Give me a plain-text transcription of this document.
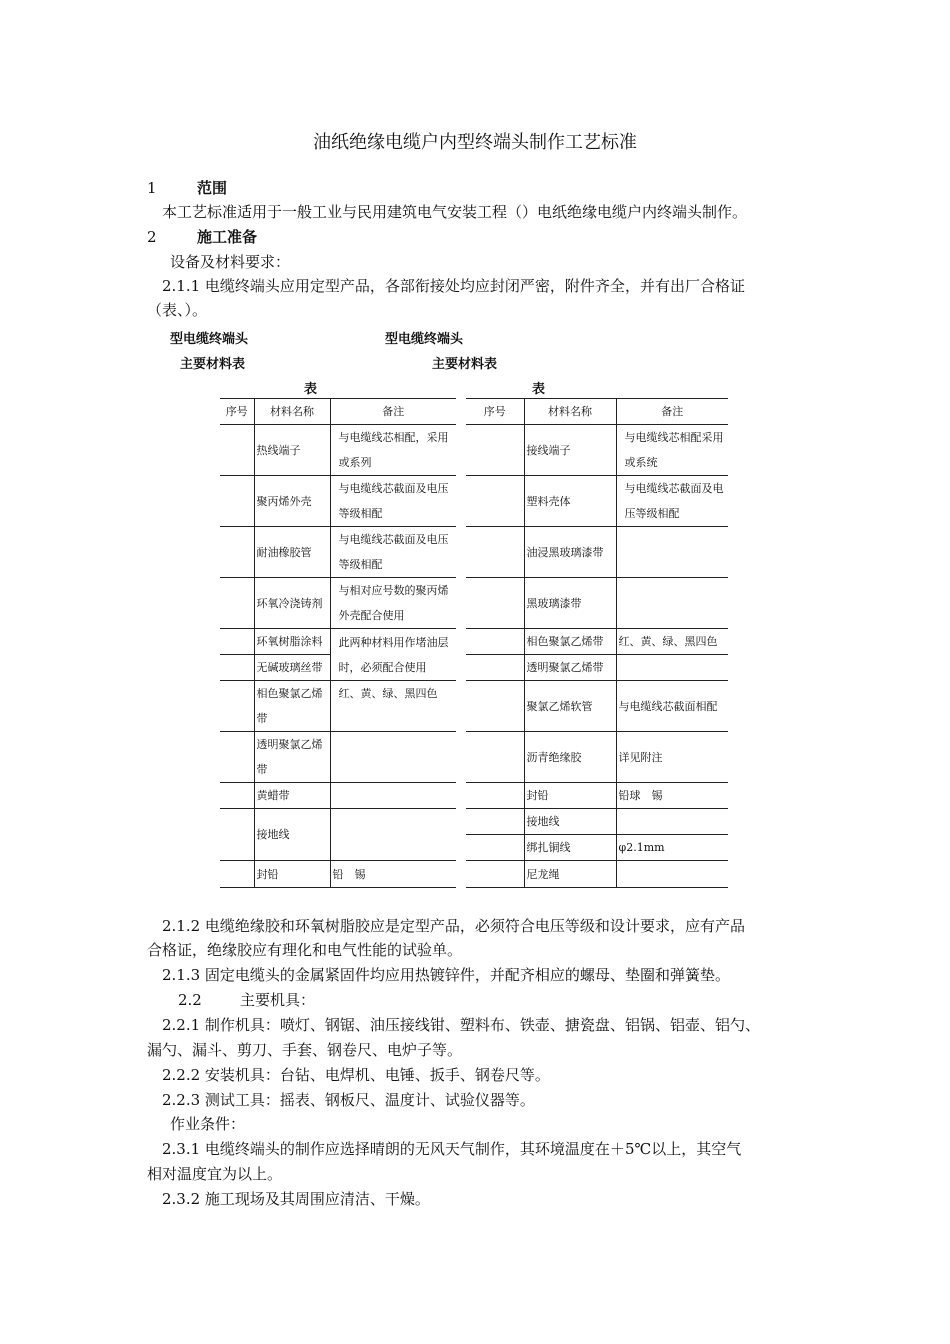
油纸绝缘电缆户内型终端头制作工艺标准
1	范围
本工艺标准适用于一般工业与民用建筑电气安装工程（）电纸绝缘电缆户内终端头制作。
2	施工准备
设备及材料要求：
2.1.1 电缆终端头应用定型产品，各部衔接处均应封闭严密，附件齐全，并有出厂合格证
（表、）。
型电缆终端头	型电缆终端头
主要材料表	主要材料表
表	表
序号	材料名称	备注
	热线端子	与电缆线芯相配，采用或系列
	聚丙烯外壳	与电缆线芯截面及电压等级相配
	耐油橡胶管	与电缆线芯截面及电压等级相配
	环氧冷浇铸剂	与相对应号数的聚丙烯外壳配合使用
	环氧树脂涂料	此两种材料用作堵油层时，必须配合使用
	无碱玻璃丝带	
	相色聚氯乙烯带	红、黄、绿、黑四色
	透明聚氯乙烯带	
	黄蜡带	
	接地线	
	封铅	铅　锡
序号	材料名称	备注
	接线端子	与电缆线芯相配采用或系统
	塑料壳体	与电缆线芯截面及电压等级相配
	油浸黑玻璃漆带	
	黑玻璃漆带	
	相色聚氯乙烯带	红、黄、绿、黑四色
	透明聚氯乙烯带	
	聚氯乙烯软管	与电缆线芯截面相配
	沥青绝缘胶	详见附注
	封铅	铅球　锡
	接地线	
	绑扎铜线	φ2.1mm
	尼龙绳	
2.1.2 电缆绝缘胶和环氧树脂胶应是定型产品，必须符合电压等级和设计要求，应有产品
合格证，绝缘胶应有理化和电气性能的试验单。
2.1.3 固定电缆头的金属紧固件均应用热镀锌件，并配齐相应的螺母、垫圈和弹簧垫。
2.2	主要机具：
2.2.1 制作机具：喷灯、钢锯、油压接线钳、塑料布、铁壶、搪瓷盘、铝锅、铝壶、铝勺、
漏勺、漏斗、剪刀、手套、钢卷尺、电炉子等。
2.2.2 安装机具：台钻、电焊机、电锤、扳手、钢卷尺等。
2.2.3 测试工具：摇表、钢板尺、温度计、试验仪器等。
作业条件：
2.3.1 电缆终端头的制作应选择晴朗的无风天气制作，其环境温度在＋5℃以上，其空气
相对温度宜为以上。
2.3.2 施工现场及其周围应清洁、干燥。
